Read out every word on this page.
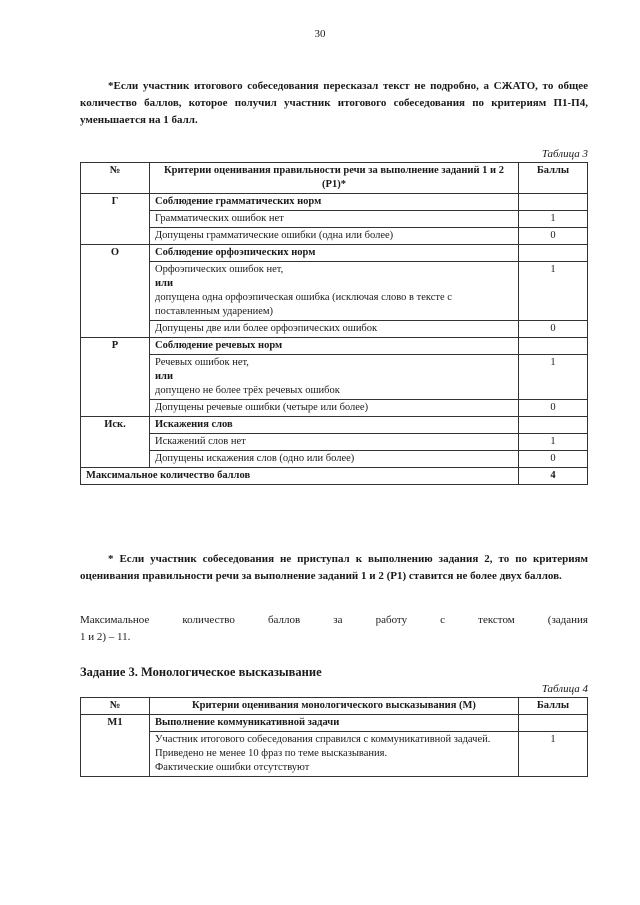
30
*Если участник итогового собеседования пересказал текст не подробно, а СЖАТО, то общее количество баллов, которое получил участник итогового собеседования по критериям П1-П4, уменьшается на 1 балл.
Таблица 3
№	Критерии оценивания правильности речи за выполнение заданий 1 и 2 (Р1)*	Баллы
Г	Соблюдение грамматических норм	

	Грамматических ошибок нет	1

	Допущены грамматические ошибки (одна или более)	0
О	Соблюдение орфоэпических норм	

	Орфоэпических ошибок нет,
или
допущена одна орфоэпическая ошибка (исключая слово в тексте с поставленным ударением)	1

	Допущены две или более орфоэпических ошибок	0
Р	Соблюдение речевых норм	

	Речевых ошибок нет,
или
допущено не более трёх речевых ошибок	1

	Допущены речевые ошибки (четыре или более)	0
Иск.	Искажения слов	

	Искажений слов нет	1

	Допущены искажения слов (одно или более)	0
Максимальное количество баллов		4
* Если участник собеседования не приступал к выполнению задания 2, то по критериям оценивания правильности речи за выполнение заданий 1 и 2 (Р1) ставится не более двух баллов.
Максимальное	количество	баллов	за	работу	с	текстом	(задания
1 и 2) – 11.
Задание 3. Монологическое высказывание
Таблица 4
№	Критерии оценивания монологического высказывания (М)	Баллы
М1	Выполнение коммуникативной задачи	

	Участник итогового собеседования справился с коммуникативной задачей.
Приведено не менее 10 фраз по теме высказывания.
Фактические ошибки отсутствуют	1
